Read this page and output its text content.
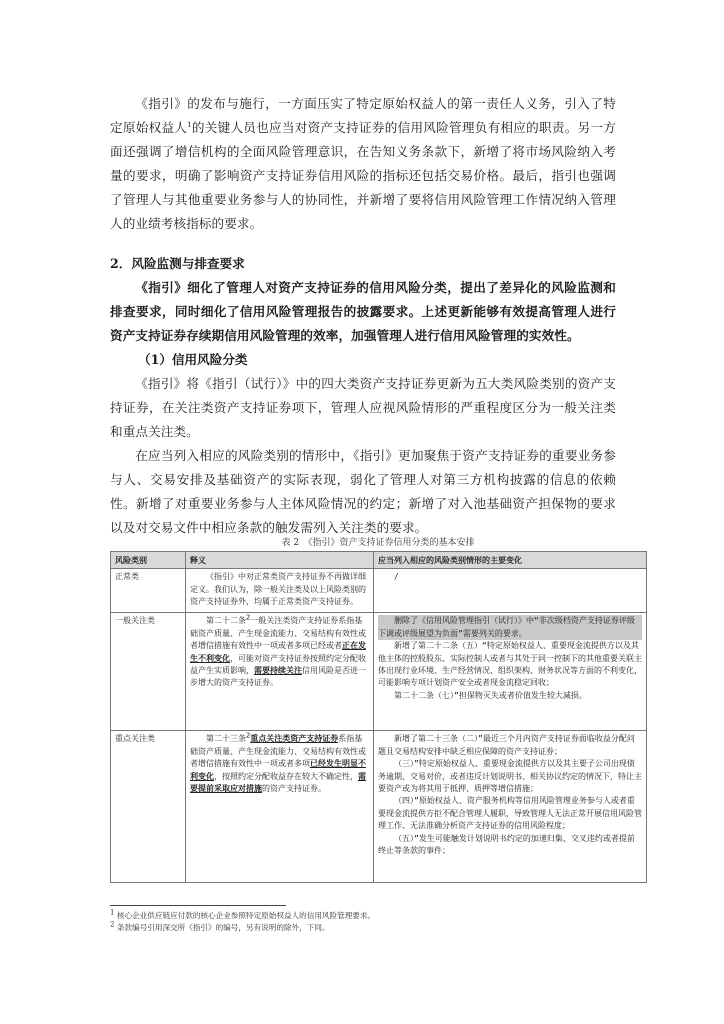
《指引》的发布与施行，一方面压实了特定原始权益人的第一责任人义务，引入了特定原始权益人$^1$的关键人员也应当对资产支持证券的信用风险管理负有相应的职责。另一方面还强调了增信机构的全面风险管理意识，在告知义务条款下，新增了将市场风险纳入考量的要求，明确了影响资产支持证券信用风险的指标还包括交易价格。最后，指引也强调了管理人与其他重要业务参与人的协同性，并新增了要将信用风险管理工作情况纳入管理人的业绩考核指标的要求。
2．风险监测与排查要求
《指引》细化了管理人对资产支持证券的信用风险分类，提出了差异化的风险监测和排查要求，同时细化了信用风险管理报告的披露要求。上述更新能够有效提高管理人进行资产支持证券存续期信用风险管理的效率，加强管理人进行信用风险管理的实效性。
（1）信用风险分类
《指引》将《指引（试行）》中的四大类资产支持证券更新为五大类风险类别的资产支持证券，在关注类资产支持证券项下，管理人应视风险情形的严重程度区分为一般关注类和重点关注类。
在应当列入相应的风险类别的情形中，《指引》更加聚焦于资产支持证券的重要业务参与人、交易安排及基础资产的实际表现，弱化了管理人对第三方机构披露的信息的依赖性。新增了对重要业务参与人主体风险情况的约定；新增了对入池基础资产担保物的要求以及对交易文件中相应条款的触发需列入关注类的要求。
表 2　《指引》资产支持证券信用分类的基本安排
风险类别	释义	应当列入相应的风险类别情形的主要变化
正常类	《指引》中对正常类资产支持证券不再做详细定义。我们认为，除一般关注类及以上风险类别的资产支持证券外，均属于正常类资产支持证券。	/
一般关注类	第二十二条$^2$一般关注类资产支持证券系指基础资产质量、产生现金流能力、交易结构有效性或者增信措施有效性中一项或者多项已经或者正在发生不利变化，可能对资产支持证券按照约定分配收益产生实质影响，需要持续关注信用风险是否进一步增大的资产支持证券。	删除了《信用风险管理指引（试行）》中“非次级档资产支持证券评级下调或评级展望为负面”需要列关的要求。
新增了第二十二条（五）“特定原始权益人、重要现金流提供方以及其他主体的控股股东、实际控制人或者与其处于同一控制下的其他重要关联主体出现行业环境、生产经营情况、组织架构、财务状况等方面的不利变化，可能影响专项计划资产安全或者现金流稳定回收；
第二十二条（七）”担保物灭失或者价值发生较大减损。

重点关注类	第二十三条$^2$重点关注类资产支持证券系指基础资产质量、产生现金流能力、交易结构有效性或者增信措施有效性中一项或者多项已经发生明显不利变化，按照约定分配收益存在较大不确定性，需要提前采取应对措施的资产支持证券。	新增了第二十三条（二）”最近三个月内资产支持证券面临收益分配问题且交易结构安排中缺乏相应保障的资产支持证券；
（三）”特定原始权益人、重要现金流提供方以及其主要子公司出现债务逾期、交易对价，或者违反计划说明书、相关协议约定的情况下，特让主要资产或为将其用于抵押、质押等增信措施；
（四）”原始权益人、资产服务机构等信用风险管理业务参与人或者重要现金流提供方拒不配合管理人履职，导致管理人无法正常开展信用风险管理工作、无法准确分析资产支持证券的信用风险程度；
（五）”发生可能触发计划说明书约定的加速归集、交叉违约或者提前终止等条款的事件；
$^1$ 核心企业供应链应付款的核心企业参照特定原始权益人的信用风险管理要求。
$^2$ 条款编号引用深交所《指引》的编号，另有说明的除外，下同。
